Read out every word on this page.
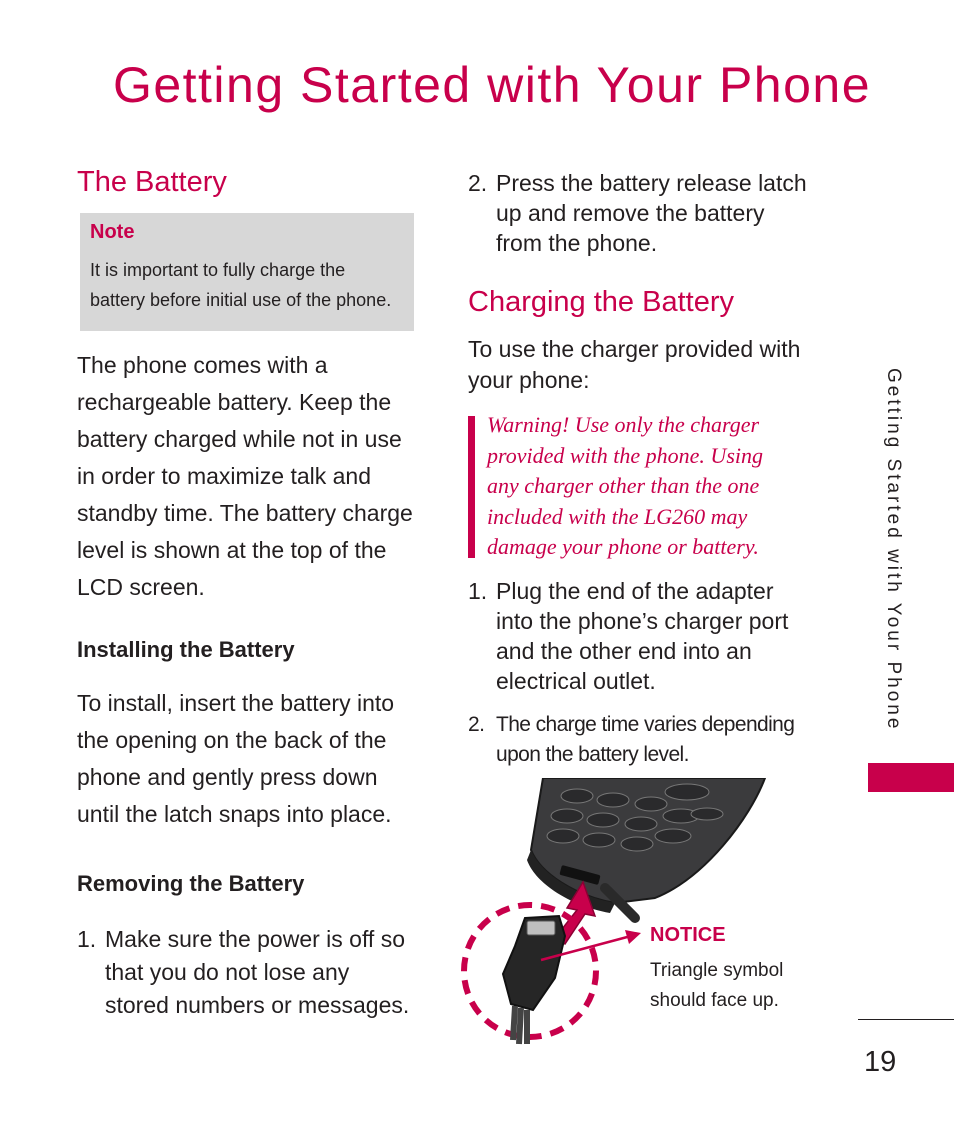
Getting Started with Your Phone
The Battery
Note
It is important to fully charge the
battery before initial use of the phone.
The phone comes with a
rechargeable battery. Keep the
battery charged while not in use
in order to maximize talk and
standby time. The battery charge
level is shown at the top of the
LCD screen.
Installing the Battery
To install, insert the battery into
the opening on the back of the
phone and gently press down
until the latch snaps into place.
Removing the Battery
1. Make sure the power is off so
that you do not lose any
stored numbers or messages.
2. Press the battery release latch
up and remove the battery
from the phone.
Charging the Battery
To use the charger provided with
your phone:
Warning! Use only the charger
provided with the phone. Using
any charger other than the one
included with the LG260 may
damage your phone or battery.
1. Plug the end of the adapter
into the phone’s charger port
and the other end into an
electrical outlet.
2. The charge time varies depending
upon the battery level.
NOTICE
Triangle symbol
should face up.
Getting Started with Your Phone
19
